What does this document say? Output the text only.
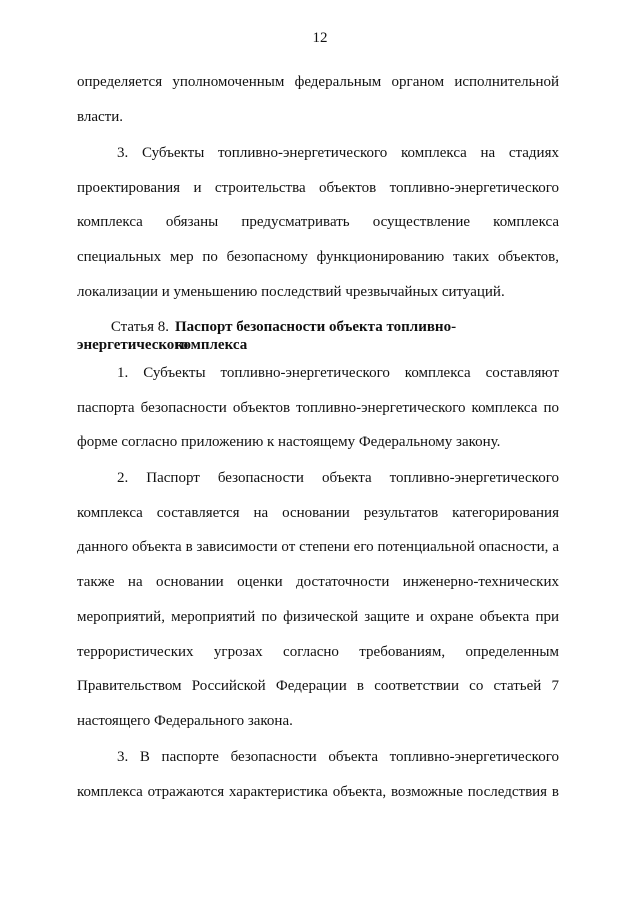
12
определяется уполномоченным федеральным органом исполнительной
власти.
3. Субъекты топливно-энергетического комплекса на стадиях
проектирования и строительства объектов топливно-энергетического
комплекса обязаны предусматривать осуществление комплекса
специальных мер по безопасному функционированию таких объектов,
локализации и уменьшению последствий чрезвычайных ситуаций.
Статья 8. Паспорт безопасности объекта топливно-энергетического
комплекса
1. Субъекты топливно-энергетического комплекса составляют
паспорта безопасности объектов топливно-энергетического комплекса по
форме согласно приложению к настоящему Федеральному закону.
2. Паспорт безопасности объекта топливно-энергетического
комплекса составляется на основании результатов категорирования
данного объекта в зависимости от степени его потенциальной опасности, а
также на основании оценки достаточности инженерно-технических
мероприятий, мероприятий по физической защите и охране объекта при
террористических угрозах согласно требованиям, определенным
Правительством Российской Федерации в соответствии со статьей 7
настоящего Федерального закона.
3. В паспорте безопасности объекта топливно-энергетического
комплекса отражаются характеристика объекта, возможные последствия в
